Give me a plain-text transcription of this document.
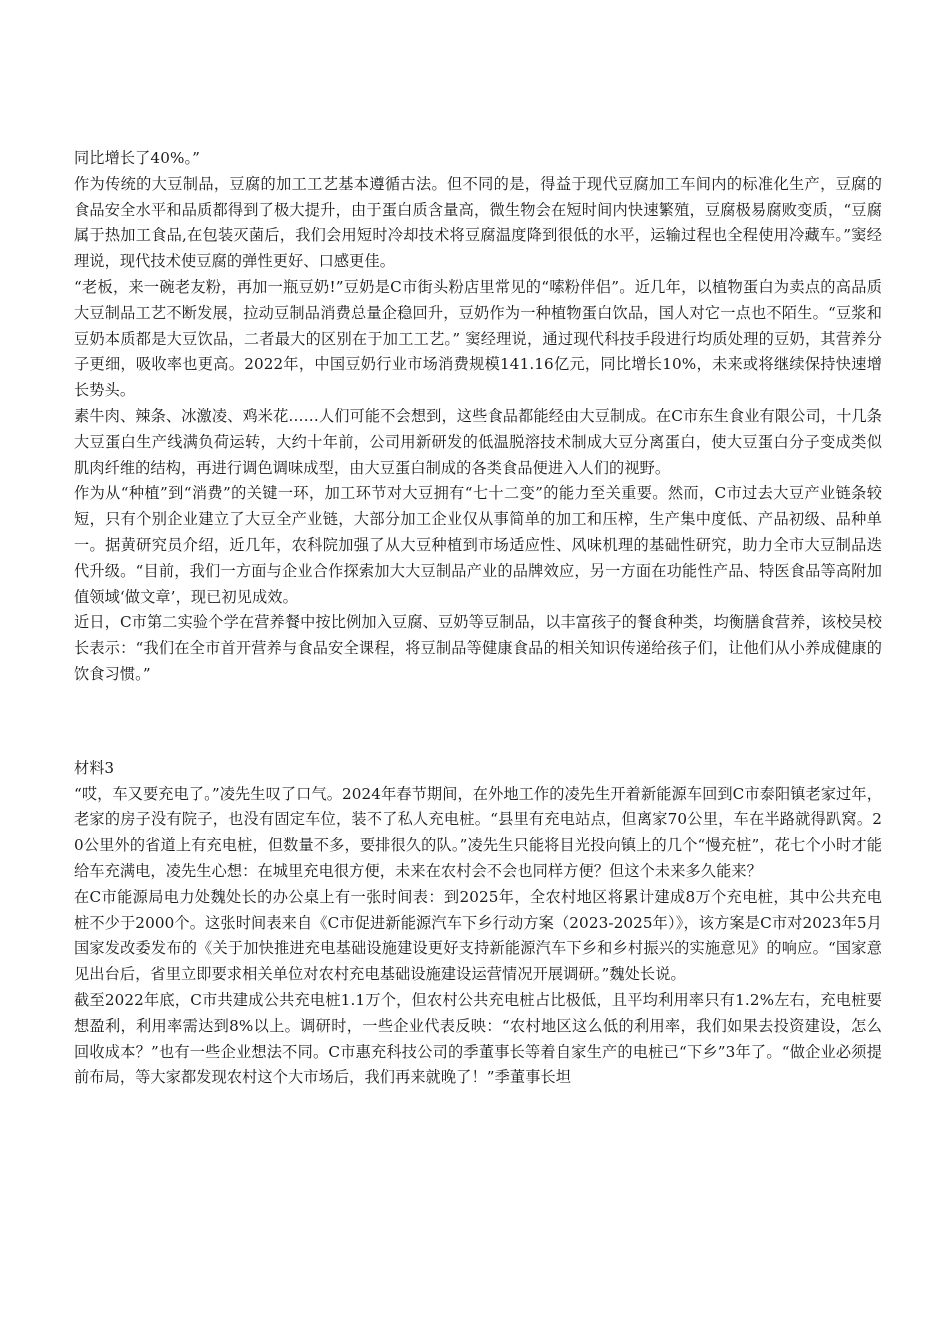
同比增长了40%。”

作为传统的大豆制品，豆腐的加工工艺基本遵循古法。但不同的是，得益于现代豆腐加工车间内的标准化生产，豆腐的食品安全水平和品质都得到了极大提升，由于蛋白质含量高，微生物会在短时间内快速繁殖，豆腐极易腐败变质，“豆腐属于热加工食品,在包装灭菌后，我们会用短时冷却技术将豆腐温度降到很低的水平，运输过程也全程使用冷藏车。”窦经理说，现代技术使豆腐的弹性更好、口感更佳。

“老板，来一碗老友粉，再加一瓶豆奶!”豆奶是C市街头粉店里常见的“嗦粉伴侣”。近几年，以植物蛋白为卖点的高品质大豆制品工艺不断发展，拉动豆制品消费总量企稳回升，豆奶作为一种植物蛋白饮品，国人对它一点也不陌生。“豆浆和豆奶本质都是大豆饮品，二者最大的区别在于加工工艺。” 窦经理说，通过现代科技手段进行均质处理的豆奶，其营养分子更细，吸收率也更高。2022年，中国豆奶行业市场消费规模141.16亿元，同比增长10%，未来或将继续保持快速增长势头。

素牛肉、辣条、冰激凌、鸡米花……人们可能不会想到，这些食品都能经由大豆制成。在C市东生食业有限公司，十几条大豆蛋白生产线满负荷运转，大约十年前，公司用新研发的低温脱溶技术制成大豆分离蛋白，使大豆蛋白分子变成类似肌肉纤维的结构，再进行调色调味成型，由大豆蛋白制成的各类食品便进入人们的视野。

作为从“种植”到“消费”的关键一环，加工环节对大豆拥有“七十二变”的能力至关重要。然而，C市过去大豆产业链条较短，只有个别企业建立了大豆全产业链，大部分加工企业仅从事简单的加工和压榨，生产集中度低、产品初级、品种单一。据黄研究员介绍，近几年，农科院加强了从大豆种植到市场适应性、风味机理的基础性研究，助力全市大豆制品迭代升级。“目前，我们一方面与企业合作探索加大大豆制品产业的品牌效应，另一方面在功能性产品、特医食品等高附加值领域‘做文章’，现已初见成效。

近日，C市第二实验个学在营养餐中按比例加入豆腐、豆奶等豆制品，以丰富孩子的餐食种类，均衡膳食营养，该校吴校长表示：“我们在全市首开营养与食品安全课程，将豆制品等健康食品的相关知识传递给孩子们，让他们从小养成健康的饮食习惯。”

材料3

“哎，车又要充电了。”凌先生叹了口气。2024年春节期间，在外地工作的凌先生开着新能源车回到C市泰阳镇老家过年，老家的房子没有院子，也没有固定车位，装不了私人充电桩。“县里有充电站点，但离家70公里，车在半路就得趴窝。20公里外的省道上有充电桩，但数量不多，要排很久的队。”凌先生只能将目光投向镇上的几个“慢充桩”，花七个小时才能给车充满电，凌先生心想：在城里充电很方便，未来在农村会不会也同样方便？但这个未来多久能来？

在C市能源局电力处魏处长的办公桌上有一张时间表：到2025年，全农村地区将累计建成8万个充电桩，其中公共充电桩不少于2000个。这张时间表来自《C市促进新能源汽车下乡行动方案（2023-2025年）》，该方案是C市对2023年5月国家发改委发布的《关于加快推进充电基础设施建设更好支持新能源汽车下乡和乡村振兴的实施意见》的响应。“国家意见出台后，省里立即要求相关单位对农村充电基础设施建设运营情况开展调研。”魏处长说。

截至2022年底，C市共建成公共充电桩1.1万个，但农村公共充电桩占比极低，且平均利用率只有1.2%左右，充电桩要想盈利，利用率需达到8%以上。调研时，一些企业代表反映：“农村地区这么低的利用率，我们如果去投资建设，怎么回收成本？”也有一些企业想法不同。C市惠充科技公司的季董事长等着自家生产的电桩已“下乡”3年了。“做企业必须提前布局，等大家都发现农村这个大市场后，我们再来就晚了！”季董事长坦
